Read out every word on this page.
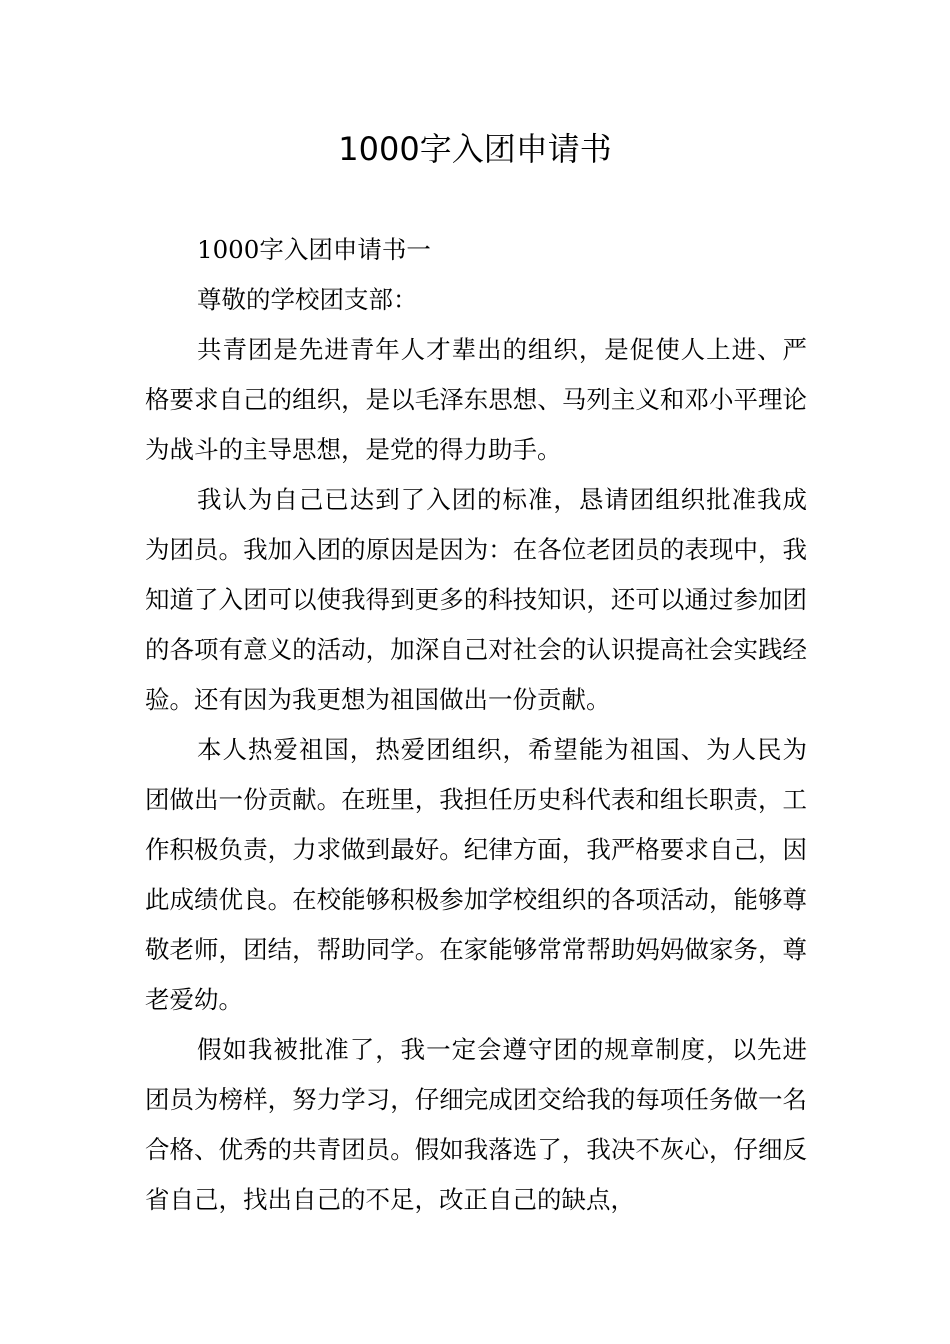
1000字入团申请书

1000字入团申请书一

尊敬的学校团支部：

共青团是先进青年人才辈出的组织，是促使人上进、严格要求自己的组织，是以毛泽东思想、马列主义和邓小平理论为战斗的主导思想，是党的得力助手。

我认为自己已达到了入团的标准，恳请团组织批准我成为团员。我加入团的原因是因为：在各位老团员的表现中，我知道了入团可以使我得到更多的科技知识，还可以通过参加团的各项有意义的活动，加深自己对社会的认识提高社会实践经验。还有因为我更想为祖国做出一份贡献。

本人热爱祖国，热爱团组织，希望能为祖国、为人民为团做出一份贡献。在班里，我担任历史科代表和组长职责，工作积极负责，力求做到最好。纪律方面，我严格要求自己，因此成绩优良。在校能够积极参加学校组织的各项活动，能够尊敬老师，团结，帮助同学。在家能够常常帮助妈妈做家务，尊老爱幼。

假如我被批准了，我一定会遵守团的规章制度，以先进团员为榜样，努力学习，仔细完成团交给我的每项任务做一名合格、优秀的共青团员。假如我落选了，我决不灰心，仔细反省自己，找出自己的不足，改正自己的缺点，
